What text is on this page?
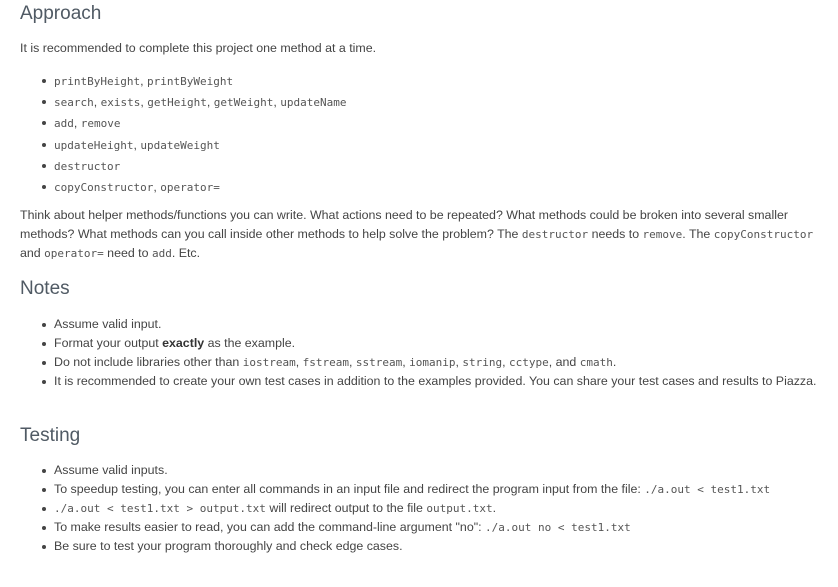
Approach

It is recommended to complete this project one method at a time.

printByHeight, printByWeight
search, exists, getHeight, getWeight, updateName
add, remove
updateHeight, updateWeight
destructor
copyConstructor, operator=

Think about helper methods/functions you can write. What actions need to be repeated? What methods could be broken into several smaller methods? What methods can you call inside other methods to help solve the problem? The destructor needs to remove. The copyConstructor and operator= need to add. Etc.

Notes
Assume valid input.
Format your output exactly as the example.
Do not include libraries other than iostream, fstream, sstream, iomanip, string, cctype, and cmath.
It is recommended to create your own test cases in addition to the examples provided. You can share your test cases and results to Piazza.
Testing
Assume valid inputs.
To speedup testing, you can enter all commands in an input file and redirect the program input from the file: ./a.out < test1.txt
./a.out < test1.txt > output.txt will redirect output to the file output.txt.
To make results easier to read, you can add the command-line argument "no": ./a.out no < test1.txt
Be sure to test your program thoroughly and check edge cases.
